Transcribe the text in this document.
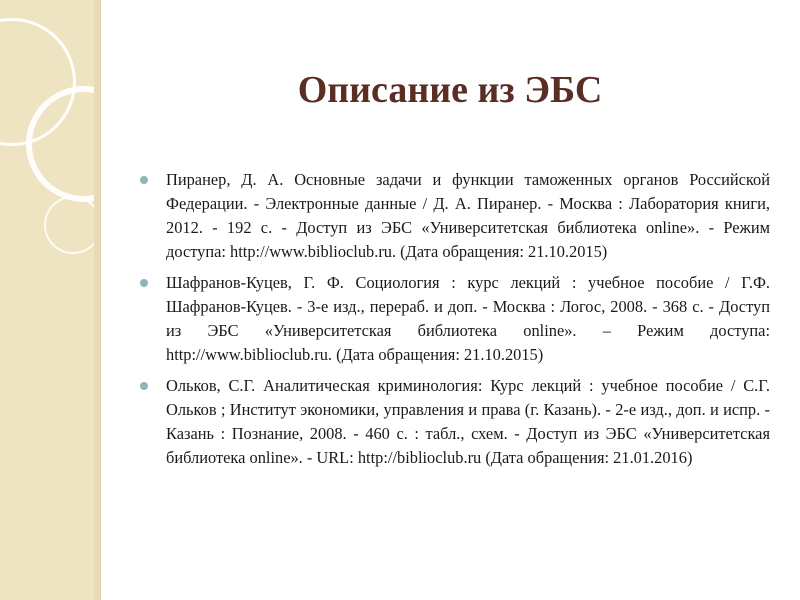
Описание из ЭБС
Пиранер, Д. А. Основные задачи и функции таможенных органов Российской Федерации. - Электронные данные / Д. А. Пиранер. - Москва : Лаборатория книги, 2012. - 192 с. - Доступ из ЭБС «Университетская библиотека online». - Режим доступа: http://www.biblioclub.ru. (Дата обращения: 21.10.2015)
Шафранов-Куцев, Г. Ф. Социология : курс лекций : учебное пособие / Г.Ф. Шафранов-Куцев. - 3-е изд., перераб. и доп. - Москва : Логос, 2008. - 368 с. - Доступ из ЭБС «Университетская библиотека online». – Режим доступа: http://www.biblioclub.ru. (Дата обращения: 21.10.2015)
Ольков, С.Г. Аналитическая криминология: Курс лекций : учебное пособие / С.Г. Ольков ; Институт экономики, управления и права (г. Казань). - 2-е изд., доп. и испр. - Казань : Познание, 2008. - 460 с. : табл., схем. - Доступ из ЭБС «Университетская библиотека online». - URL: http://biblioclub.ru (Дата обращения: 21.01.2016)
